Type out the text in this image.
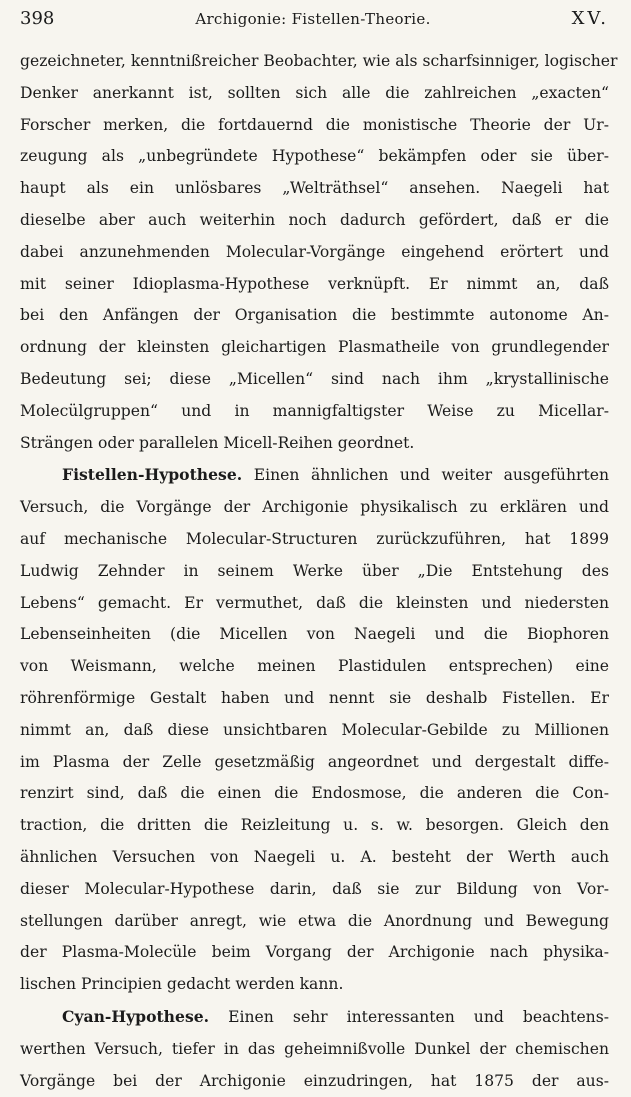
398	Archigonie: Fistellen-Theorie.	XV.

gezeichneter, kenntnißreicher Beobachter, wie als scharfsinniger, logischer
Denker anerkannt ist, sollten sich alle die zahlreichen „exacten“
Forscher merken, die fortdauernd die monistische Theorie der Ur-
zeugung als „unbegründete Hypothese“ bekämpfen oder sie über-
haupt als ein unlösbares „Welträthsel“ ansehen. Naegeli hat
dieselbe aber auch weiterhin noch dadurch gefördert, daß er die
dabei anzunehmenden Molecular-Vorgänge eingehend erörtert und
mit seiner Idioplasma-Hypothese verknüpft. Er nimmt an, daß
bei den Anfängen der Organisation die bestimmte autonome An-
ordnung der kleinsten gleichartigen Plasmatheile von grundlegender
Bedeutung sei; diese „Micellen“ sind nach ihm „krystallinische
Molecülgruppen“ und in mannigfaltigster Weise zu Micellar-
Strängen oder parallelen Micell-Reihen geordnet.

Fistellen-Hypothese. Einen ähnlichen und weiter ausgeführten
Versuch, die Vorgänge der Archigonie physikalisch zu erklären und
auf mechanische Molecular-Structuren zurückzuführen, hat 1899
Ludwig Zehnder in seinem Werke über „Die Entstehung des
Lebens“ gemacht. Er vermuthet, daß die kleinsten und niedersten
Lebenseinheiten (die Micellen von Naegeli und die Biophoren
von Weismann, welche meinen Plastidulen entsprechen) eine
röhrenförmige Gestalt haben und nennt sie deshalb Fistellen. Er
nimmt an, daß diese unsichtbaren Molecular-Gebilde zu Millionen
im Plasma der Zelle gesetzmäßig angeordnet und dergestalt diffe-
renzirt sind, daß die einen die Endosmose, die anderen die Con-
traction, die dritten die Reizleitung u. s. w. besorgen. Gleich den
ähnlichen Versuchen von Naegeli u. A. besteht der Werth auch
dieser Molecular-Hypothese darin, daß sie zur Bildung von Vor-
stellungen darüber anregt, wie etwa die Anordnung und Bewegung
der Plasma-Molecüle beim Vorgang der Archigonie nach physika-
lischen Principien gedacht werden kann.

Cyan-Hypothese. Einen sehr interessanten und beachtens-
werthen Versuch, tiefer in das geheimnißvolle Dunkel der chemischen
Vorgänge bei der Archigonie einzudringen, hat 1875 der aus-
